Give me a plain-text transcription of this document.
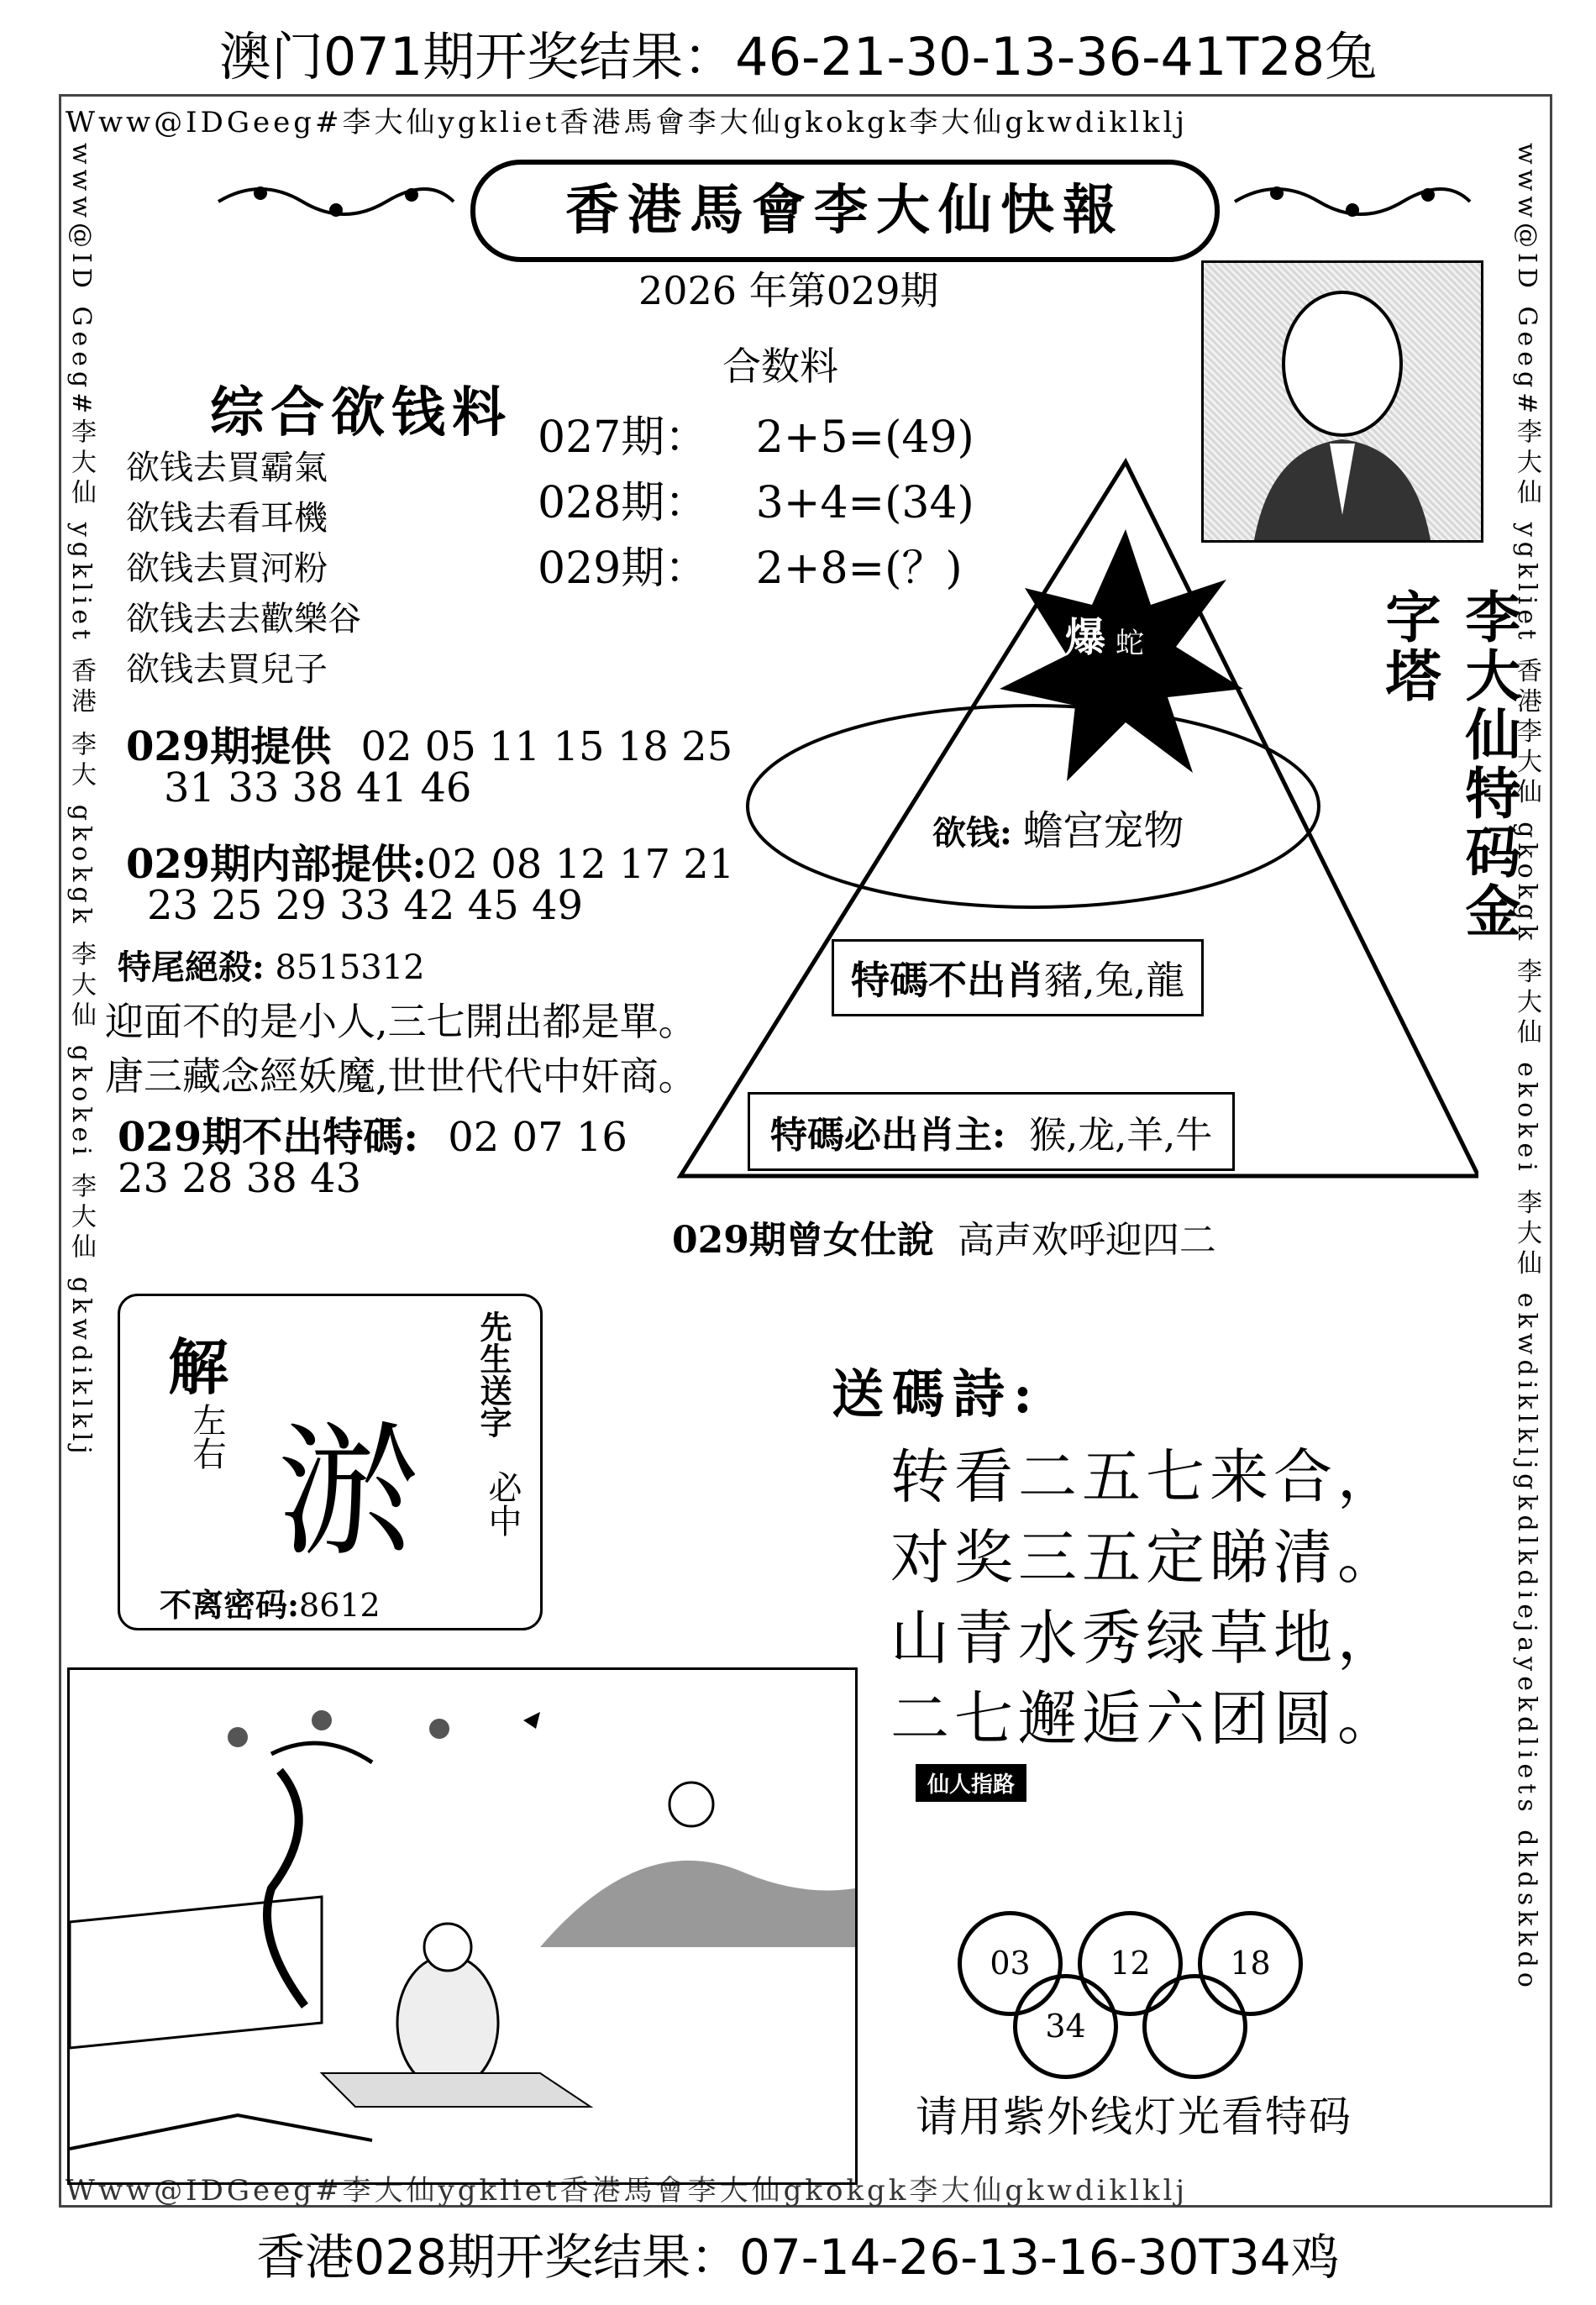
澳门071期开奖结果：46-21-30-13-36-41T28兔
香港028期开奖结果：07-14-26-13-16-30T34鸡
Www@IDGeeg#李大仙ygkliet香港馬會李大仙gkokgk李大仙gkwdiklklj
Www@IDGeeg#李大仙ygkliet香港馬會李大仙gkokgk李大仙gkwdiklklj
www@ID Geeg#李大仙 ygkliet 香港 李大 gkokgk 李大仙 gkokei 李大仙 gkwdiklklj	www@ID Geeg#李大仙 ygkliet 香港李大仙 gkokgk 李大仙 ekokei 李大仙 ekwdiklkljgkdlkdiejayekdliets dkdskkdo
香港馬會李大仙快報
2026 年第029期
合数料
027期： 2+5=(49)
028期： 3+4=(34)
029期： 2+8=(？)
综合欲钱料
欲钱去買霸氣
欲钱去看耳機
欲钱去買河粉
欲钱去去歡樂谷
欲钱去買兒子
029期提供 02 05 11 15 18 25
31 33 38 41 46
029期内部提供:02 08 12 17 21
23 25 29 33 42 45 49
特尾絕殺: 8515312
迎面不的是小人,三七開出都是單。
唐三藏念經妖魔,世世代代中奸商。
029期不出特碼: 02 07 16
23 28 38 43
爆 蛇
欲钱: 蟾宫宠物
特碼不出肖豬,兔,龍
特碼必出肖主: 猴,龙,羊,牛
李大仙特码金字塔
029期曾女仕說 高声欢呼迎四二
解
左右 淤
先生送字
必中
不离密码:8612
送碼詩:
转看二五七来合，
对奖三五定睇清。
山青水秀绿草地，
二七邂逅六团圆。
仙人指路
03	12	18
34
请用紫外线灯光看特码
